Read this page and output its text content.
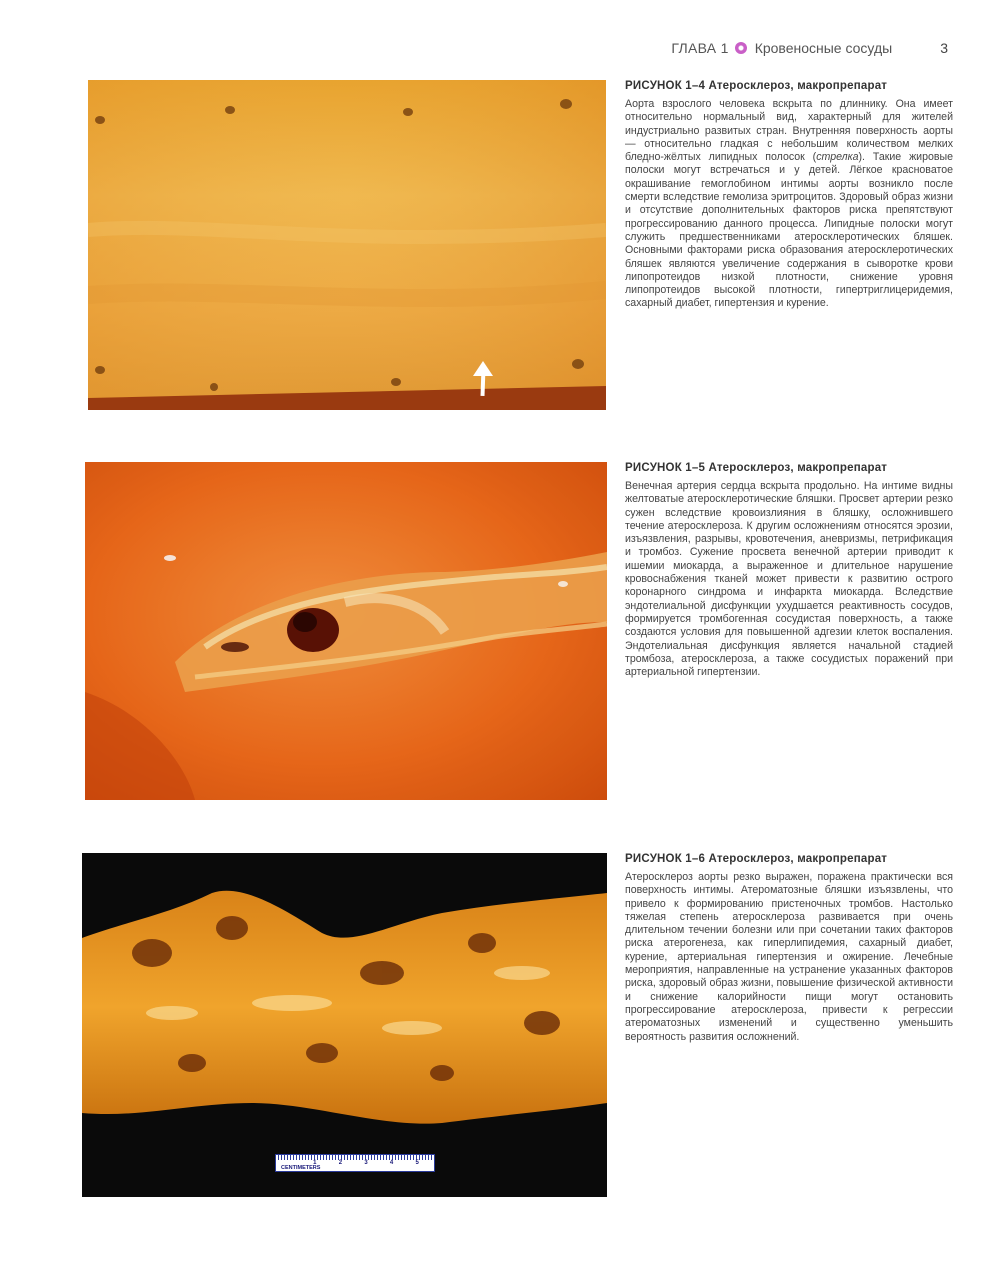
ГЛАВА 1 Кровеносные сосуды	3

РИСУНОК 1–4 Атеросклероз, макропрепарат

Аорта взрослого человека вскрыта по длиннику. Она имеет относительно нормальный вид, характерный для жителей индустриально развитых стран. Внутренняя поверхность аорты — относительно гладкая с небольшим количеством мелких бледно-жёлтых липидных полосок (стрелка). Такие жировые полоски могут встречаться и у детей. Лёгкое красноватое окрашивание гемоглобином интимы аорты возникло после смерти вследствие гемолиза эритроцитов. Здоровый образ жизни и отсутствие дополнительных факторов риска препятствуют прогрессированию данного процесса. Липидные полоски могут служить предшественниками атеросклеротических бляшек. Основными факторами риска образования атеросклеротических бляшек являются увеличение содержания в сыворотке крови липопротеидов низкой плотности, снижение уровня липопротеидов высокой плотности, гипертриглицеридемия, сахарный диабет, гипертензия и курение.

РИСУНОК 1–5 Атеросклероз, макропрепарат

Венечная артерия сердца вскрыта продольно. На интиме видны желтоватые атеросклеротические бляшки. Просвет артерии резко сужен вследствие кровоизлияния в бляшку, осложнившего течение атеросклероза. К другим осложнениям относятся эрозии, изъязвления, разрывы, кровотечения, аневризмы, петрификация и тромбоз. Сужение просвета венечной артерии приводит к ишемии миокарда, а выраженное и длительное нарушение кровоснабжения тканей может привести к развитию острого коронарного синдрома и инфаркта миокарда. Вследствие эндотелиальной дисфункции ухудшается реактивность сосудов, формируется тромбогенная сосудистая поверхность, а также создаются условия для повышенной адгезии клеток воспаления. Эндотелиальная дисфункция является начальной стадией тромбоза, атеросклероза, а также сосудистых поражений при артериальной гипертензии.

1	2	3	4	5
CENTIMETERS

РИСУНОК 1–6 Атеросклероз, макропрепарат

Атеросклероз аорты резко выражен, поражена практически вся поверхность интимы. Атероматозные бляшки изъязвлены, что привело к формированию пристеночных тромбов. Настолько тяжелая степень атеросклероза развивается при очень длительном течении болезни или при сочетании таких факторов риска атерогенеза, как гиперлипидемия, сахарный диабет, курение, артериальная гипертензия и ожирение. Лечебные мероприятия, направленные на устранение указанных факторов риска, здоровый образ жизни, повышение физической активности и снижение калорийности пищи могут остановить прогрессирование атеросклероза, привести к регрессии атероматозных изменений и существенно уменьшить вероятность развития осложнений.
